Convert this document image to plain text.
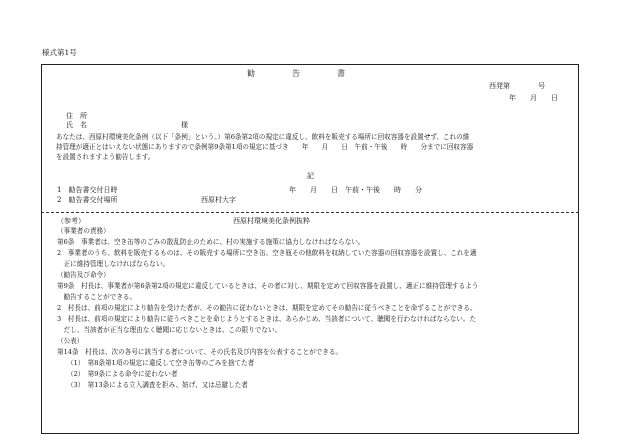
様式第1号
勧　　　　告　　　　書
西発第　　　　号
年　　月　　日
住　所
氏　名	様
あなたは、西原村環境美化条例（以下「条例」という。）第6条第2項の規定に違反し、飲料を販売する場所に回収容器を設置せず、これの維
持管理が適正とはいえない状態にありますので条例第9条第1項の規定に基づき　　年　　月　　日　午前・午後　　時　　分までに回収容器
を設置されますよう勧告します。
記
1　勧告書交付日時	年　　月　　日　午前・午後　　時　　分
2　勧告書交付場所	西原村大字
（参考）	西原村環境美化条例抜粋
（事業者の責務）
第6条　事業者は、空き缶等のごみの散乱防止のために、村の実施する施策に協力しなければならない。
2　事業者のうち、飲料を販売するものは、その販売する場所に空き缶、空き瓶その他飲料を収納していた容器の回収容器を設置し、これを適
　正に維持管理しなければならない。
（勧告及び命令）
第9条　村長は、事業者が第6条第2項の規定に違反しているときは、その者に対し、期限を定めて回収容器を設置し、適正に維持管理するよう
　勧告することができる。
2　村長は、前項の規定により勧告を受けた者が、その勧告に従わないときは、期限を定めてその勧告に従うべきことを命ずることができる。
3　村長は、前項の規定により勧告に従うべきことを命じようとするときは、あらかじめ、当該者について、聴聞を行わなければならない。た
　だし、当該者が正当な理由なく聴聞に応じないときは、この限りでない。
（公表）
第14条　村長は、次の各号に該当する者について、その氏名及び内容を公表することができる。
（1）　第8条第1項の規定に違反して空き缶等のごみを捨てた者
（2）　第9条による命令に従わない者
（3）　第13条による立入調査を拒み、妨げ、又は忌避した者
